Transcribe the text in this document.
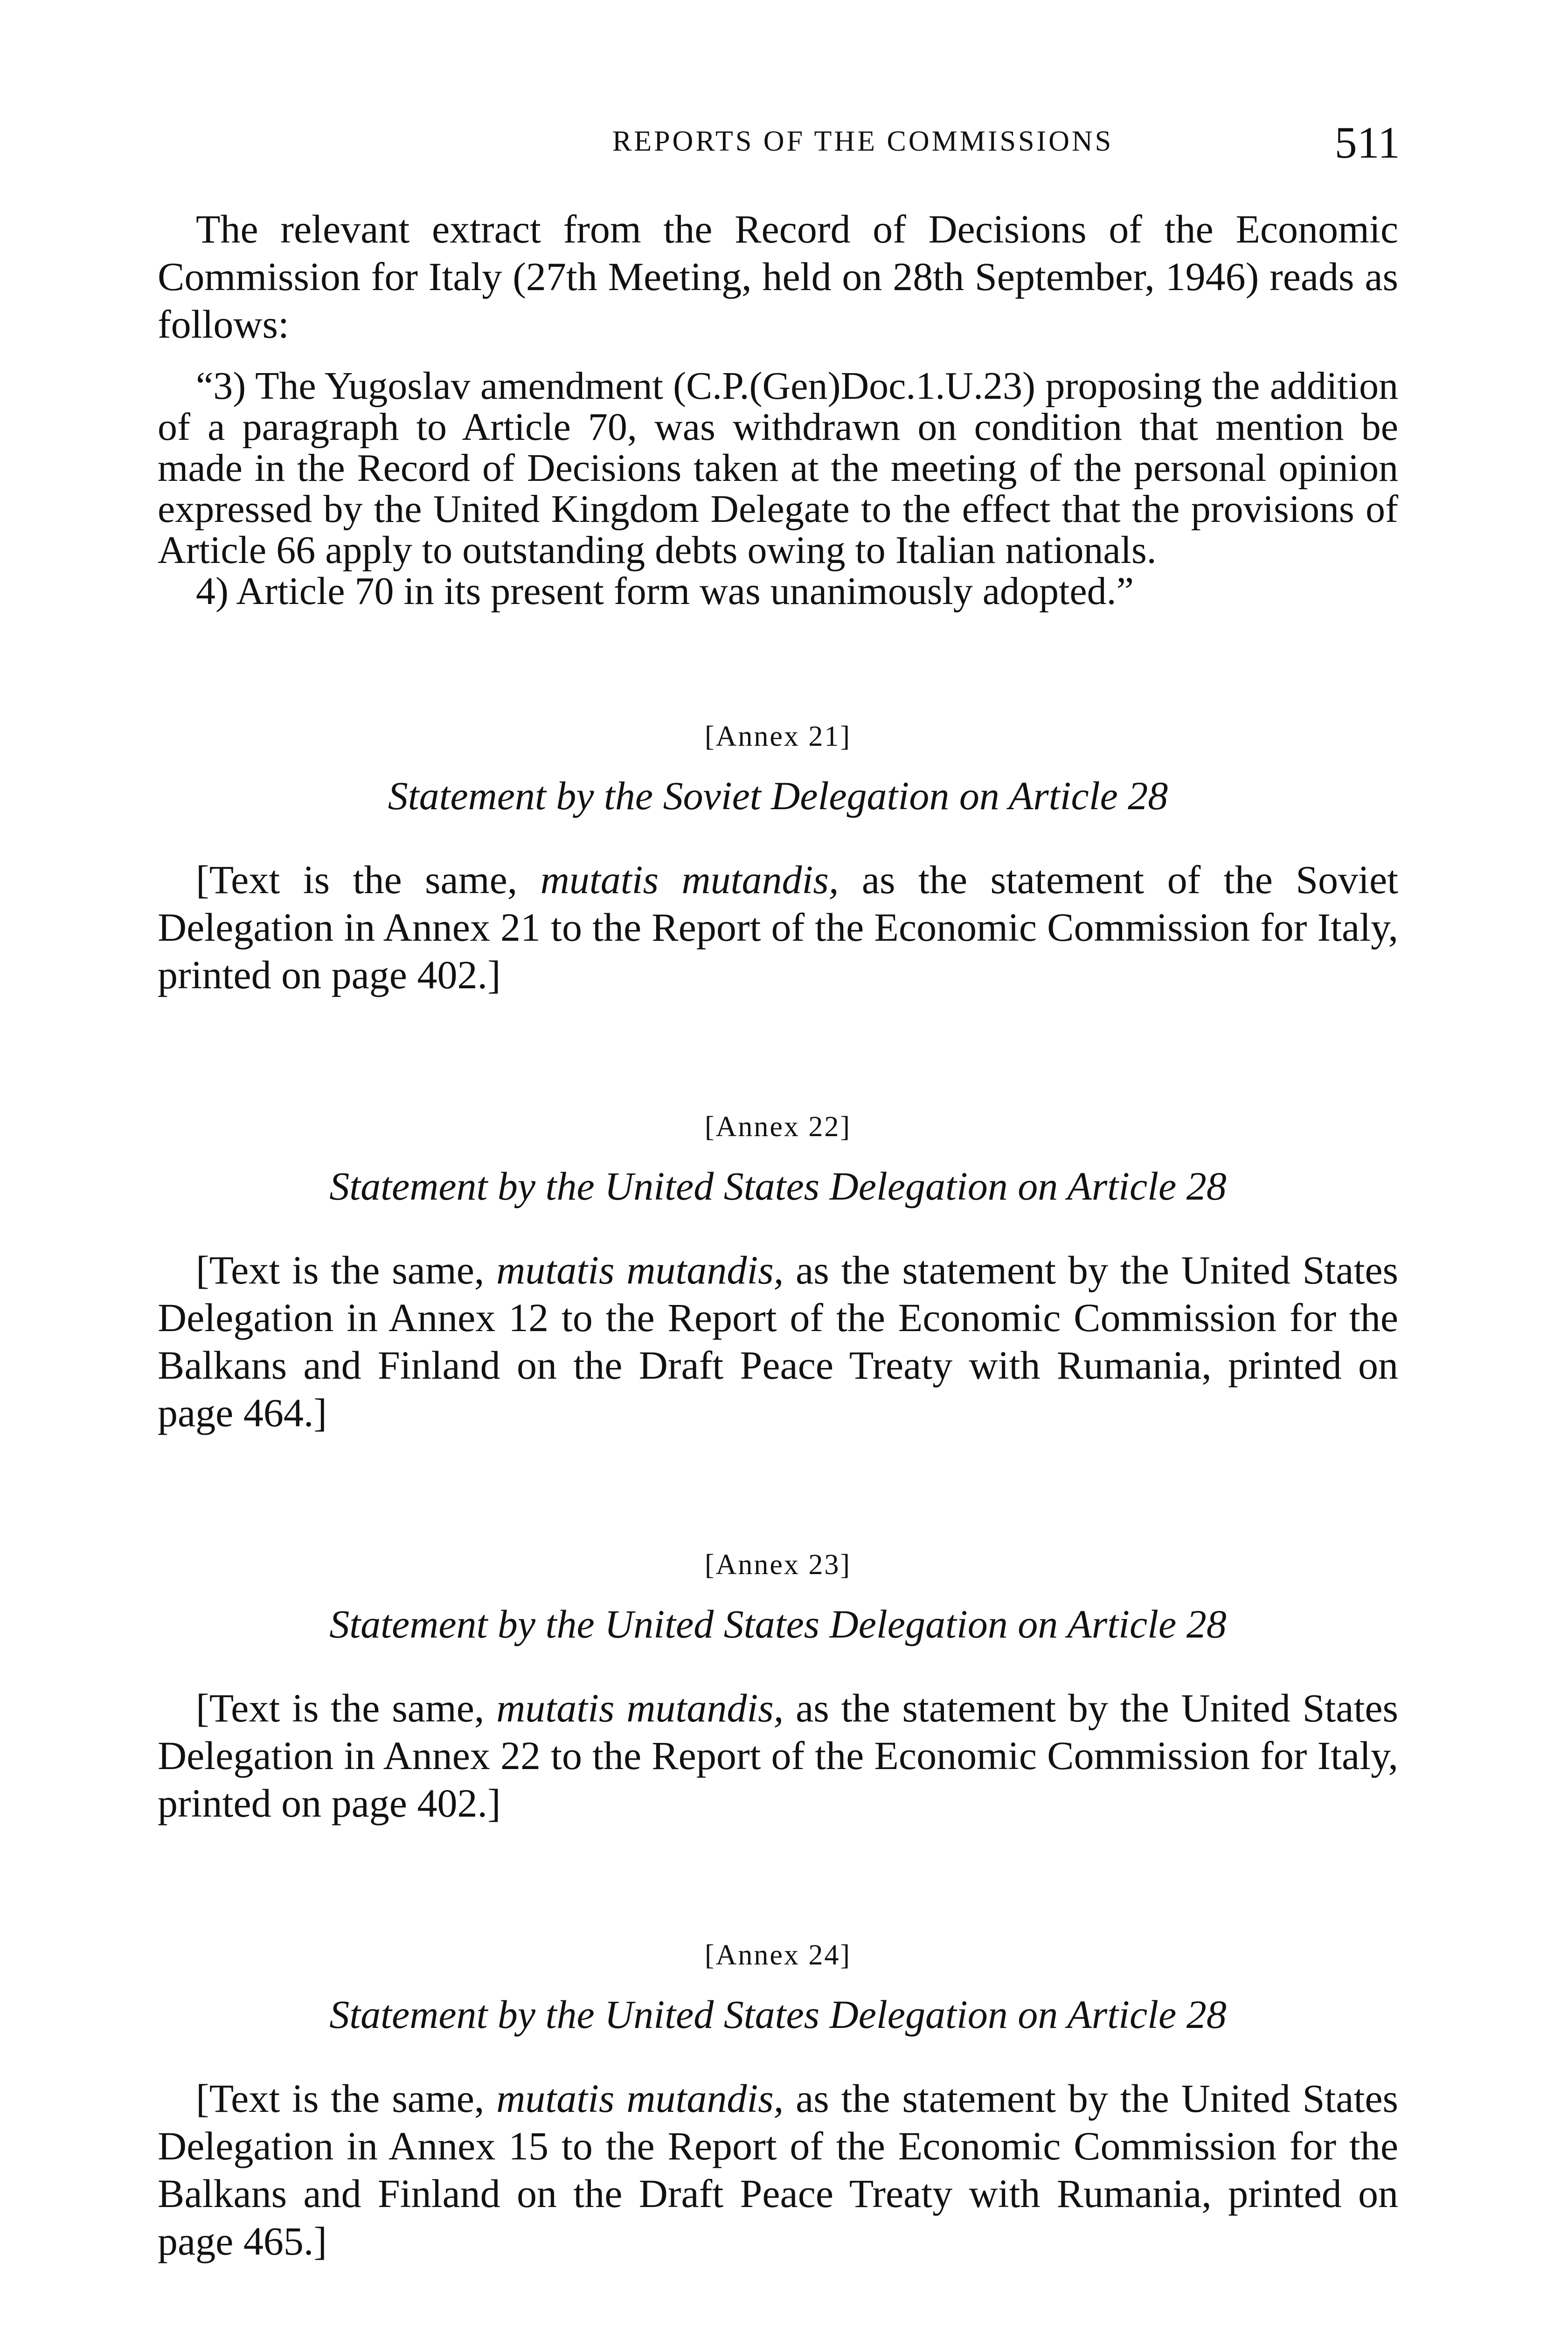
REPORTS OF THE COMMISSIONS	511

The relevant extract from the Record of Decisions of the Economic Commission for Italy (27th Meeting, held on 28th September, 1946) reads as follows:

“3) The Yugoslav amendment (C.P.(Gen)Doc.1.U.23) proposing the addition of a paragraph to Article 70, was withdrawn on condition that mention be made in the Record of Decisions taken at the meeting of the personal opinion expressed by the United Kingdom Delegate to the effect that the provisions of Article 66 apply to outstanding debts owing to Italian nationals.

4) Article 70 in its present form was unanimously adopted.”

[Annex 21]

Statement by the Soviet Delegation on Article 28

[Text is the same, mutatis mutandis, as the statement of the Soviet Delegation in Annex 21 to the Report of the Economic Commission for Italy, printed on page 402.]

[Annex 22]

Statement by the United States Delegation on Article 28

[Text is the same, mutatis mutandis, as the statement by the United States Delegation in Annex 12 to the Report of the Economic Commission for the Balkans and Finland on the Draft Peace Treaty with Rumania, printed on page 464.]

[Annex 23]

Statement by the United States Delegation on Article 28

[Text is the same, mutatis mutandis, as the statement by the United States Delegation in Annex 22 to the Report of the Economic Commission for Italy, printed on page 402.]

[Annex 24]

Statement by the United States Delegation on Article 28

[Text is the same, mutatis mutandis, as the statement by the United States Delegation in Annex 15 to the Report of the Economic Commission for the Balkans and Finland on the Draft Peace Treaty with Rumania, printed on page 465.]
